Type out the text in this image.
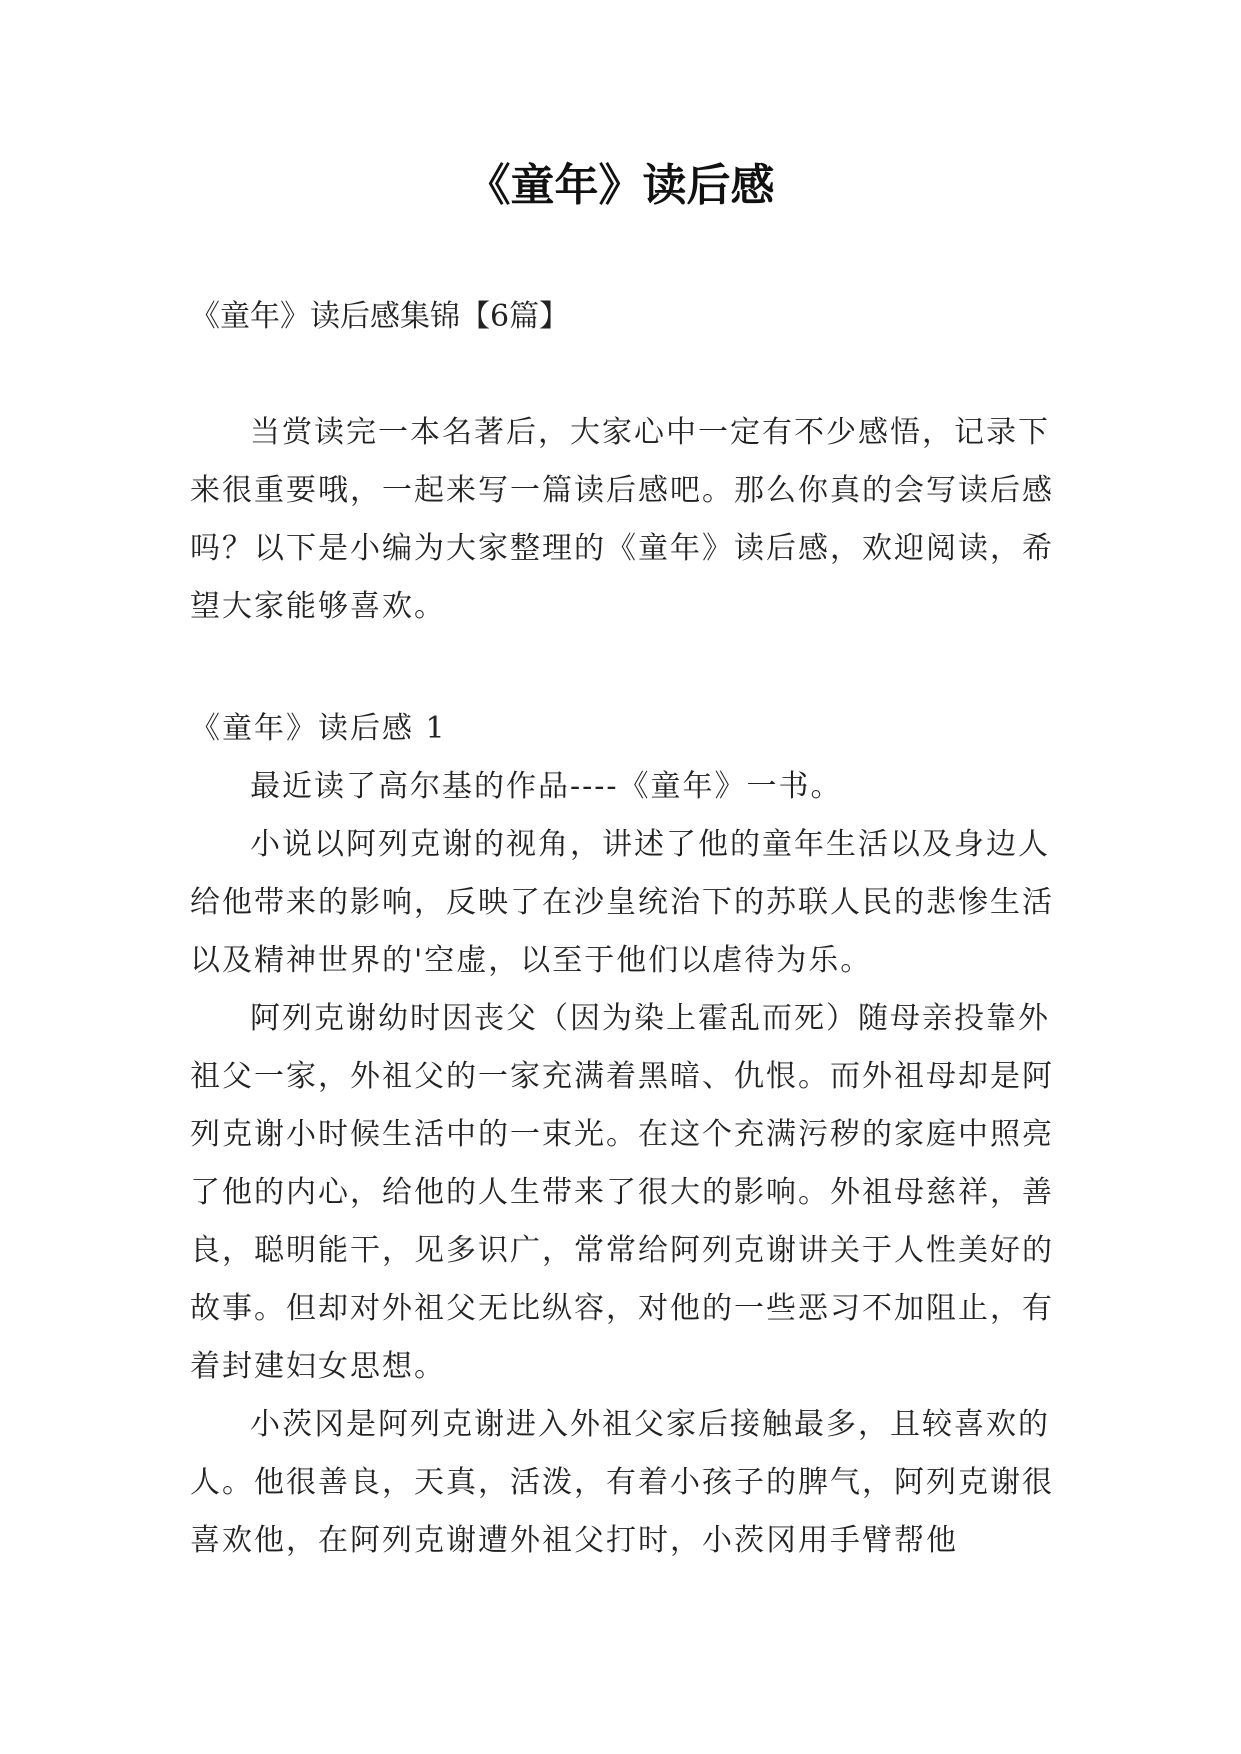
《童年》读后感

《童年》读后感集锦【6篇】

当赏读完一本名著后，大家心中一定有不少感悟，记录下来很重要哦，一起来写一篇读后感吧。那么你真的会写读后感吗？以下是小编为大家整理的《童年》读后感，欢迎阅读，希望大家能够喜欢。

《童年》读后感 1

最近读了高尔基的作品----《童年》一书。

小说以阿列克谢的视角，讲述了他的童年生活以及身边人给他带来的影响，反映了在沙皇统治下的苏联人民的悲惨生活以及精神世界的'空虚，以至于他们以虐待为乐。

阿列克谢幼时因丧父（因为染上霍乱而死）随母亲投靠外祖父一家，外祖父的一家充满着黑暗、仇恨。而外祖母却是阿列克谢小时候生活中的一束光。在这个充满污秽的家庭中照亮了他的内心，给他的人生带来了很大的影响。外祖母慈祥，善良，聪明能干，见多识广，常常给阿列克谢讲关于人性美好的故事。但却对外祖父无比纵容，对他的一些恶习不加阻止，有着封建妇女思想。

小茨冈是阿列克谢进入外祖父家后接触最多，且较喜欢的人。他很善良，天真，活泼，有着小孩子的脾气，阿列克谢很喜欢他，在阿列克谢遭外祖父打时，小茨冈用手臂帮他
